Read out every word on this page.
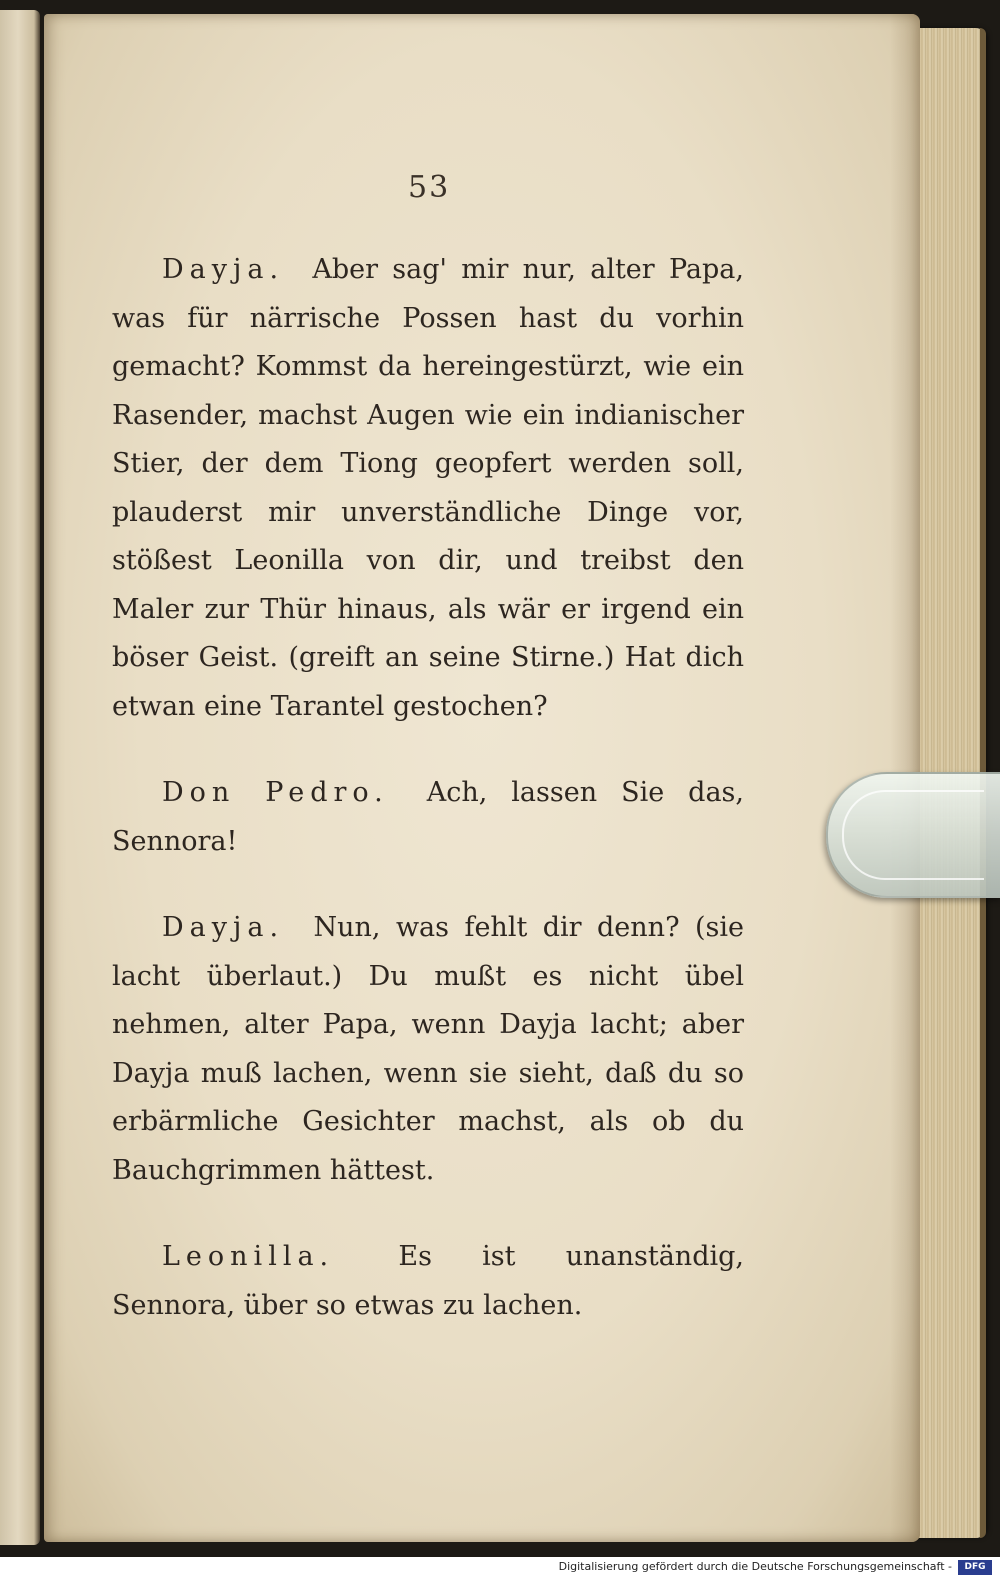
53

Dayja. Aber sag' mir nur, alter Papa, was für närrische Possen hast du vorhin gemacht? Kommst da hereingestürzt, wie ein Rasender, machst Augen wie ein indianischer Stier, der dem Tiong geopfert werden soll, plauderst mir unverständliche Dinge vor, stößest Leonilla von dir, und treibst den Maler zur Thür hinaus, als wär er irgend ein böser Geist. (greift an seine Stirne.) Hat dich etwan eine Tarantel gestochen?

Don Pedro. Ach, lassen Sie das, Sennora!

Dayja. Nun, was fehlt dir denn? (sie lacht überlaut.) Du mußt es nicht übel nehmen, alter Papa, wenn Dayja lacht; aber Dayja muß lachen, wenn sie sieht, daß du so erbärmliche Gesichter machst, als ob du Bauchgrimmen hättest.

Leonilla. Es ist unanständig, Sennora, über so etwas zu lachen.

Digitalisierung gefördert durch die Deutsche Forschungsgemeinschaft -	DFG
